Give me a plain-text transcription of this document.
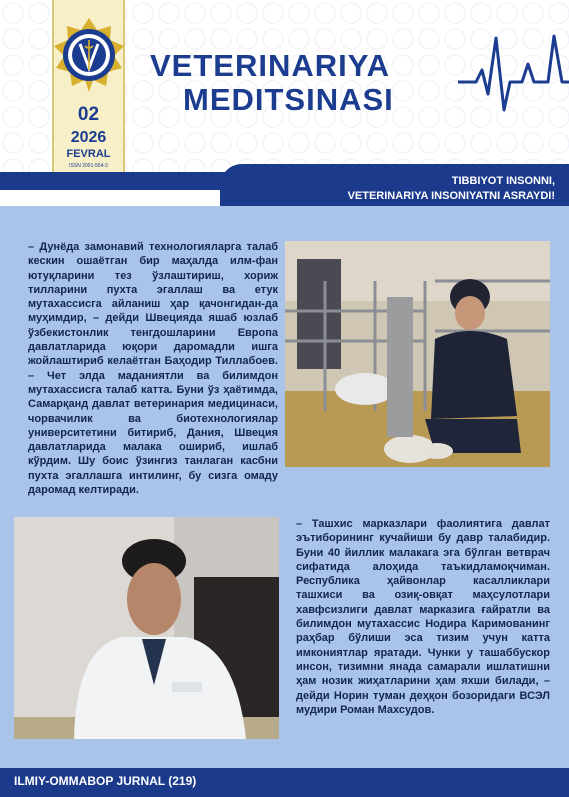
02
2026
FEVRAL
ISSN 2091-554-3
VETERINARIYA
MEDITSINASI
TIBBIYOT INSONNI,
VETERINARIYA INSONIYATNI ASRAYDI!
– Дунёда замонавий технологияларга талаб кескин ошаётган бир маҳалда илм-фан ютуқларини тез ўзлаштириш, хориж тилларини пухта эгаллаш ва етук мутахассисга айланиш ҳар қачонгидан-да муҳимдир, – дейди Швецияда яшаб юзлаб ўзбекистонлик тенгдошларини Европа давлатларида юқори даромадли ишга жойлаштириб келаётган Баҳодир Тиллабоев. – Чет элда маданиятли ва билимдон мутахассисга талаб катта. Буни ўз ҳаётимда, Самарқанд давлат ветеринария медицинаси, чорвачилик ва биотехнологиялар университетини битириб, Дания, Швеция давлатларида малака ошириб, ишлаб кўрдим. Шу боис ўзингиз танлаган касбни пухта эгаллашга интилинг, бу сизга омаду даромад келтиради.
– Ташхис марказлари фаолиятига давлат эътиборининг кучайиши бу давр талабидир. Буни 40 йиллик малакага эга бўлган ветврач сифатида алоҳида таъкидламоқчиман. Республика ҳайвонлар касалликлари ташхиси ва озиқ-овқат маҳсулотлари хавфсизлиги давлат марказига ғайратли ва билимдон мутахассис Нодира Каримованинг раҳбар бўлиши эса тизим учун катта имкониятлар яратади. Чунки у ташаббускор инсон, тизимни янада самарали ишлатишни ҳам нозик жиҳатларини ҳам яхши билади, – дейди Норин туман деҳқон бозоридаги ВСЭЛ мудири Роман Махсудов.
ILMIY-OMMABOP JURNAL (219)
